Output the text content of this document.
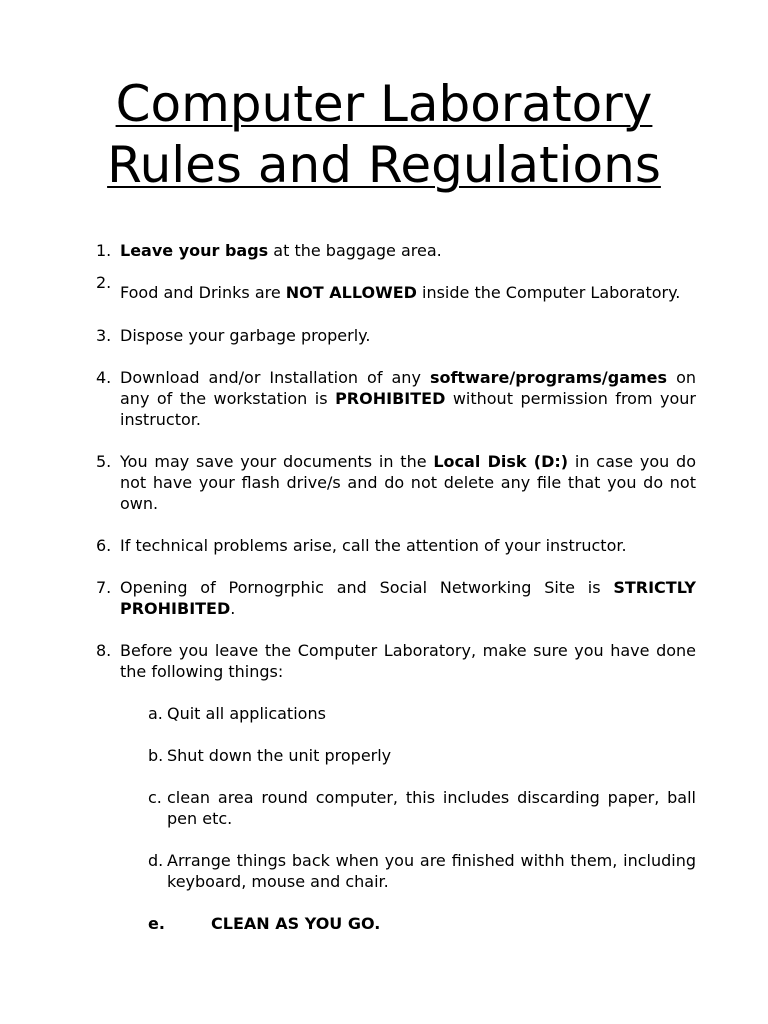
Computer Laboratory
Rules and Regulations
1. Leave your bags at the baggage area.
2.
Food and Drinks are NOT ALLOWED inside the Computer Laboratory.
3. Dispose your garbage properly.
4. Download and/or Installation of any software/programs/games on any of the workstation is PROHIBITED without permission from your instructor.
5. You may save your documents in the Local Disk (D:) in case you do not have your flash drive/s and do not delete any file that you do not own.
6. If technical problems arise, call the attention of your instructor.
7. Opening of Pornogrphic and Social Networking Site is STRICTLY PROHIBITED.
8. Before you leave the Computer Laboratory, make sure you have done the following things:
a. Quit all applications
b. Shut down the unit properly
c. clean area round computer, this includes discarding paper, ball pen etc.
d. Arrange things back when you are finished withh them, including keyboard, mouse and chair.
e.	CLEAN AS YOU GO.
